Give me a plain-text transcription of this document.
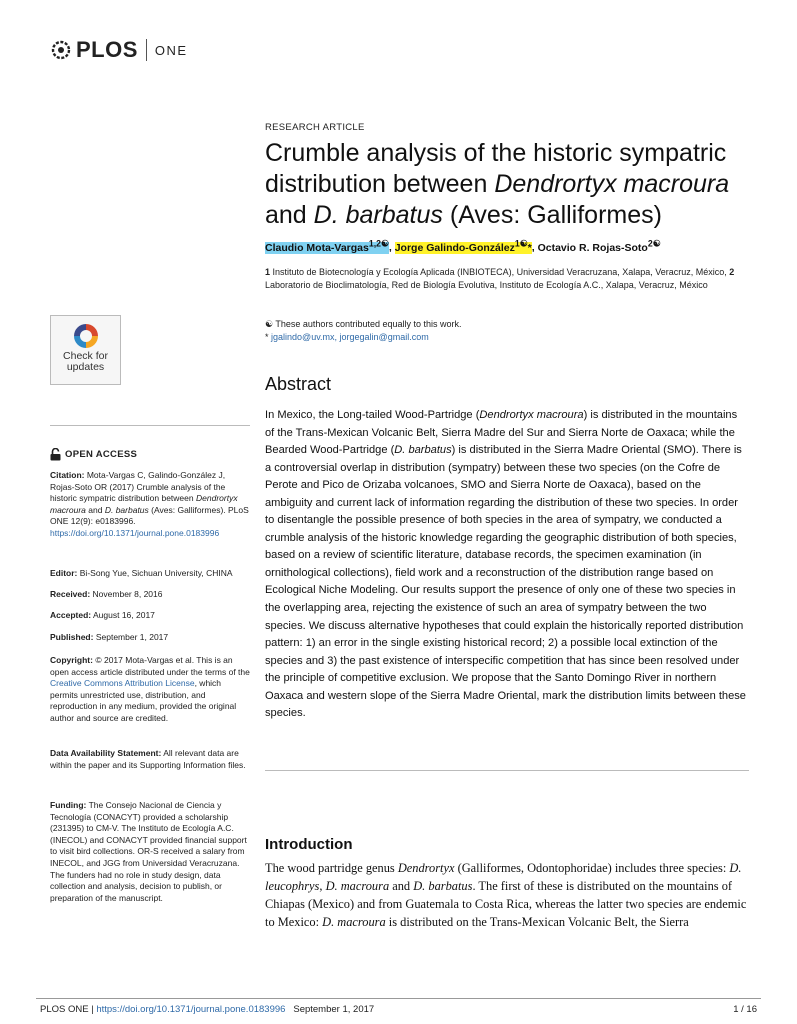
PLOS ONE
Check for
updates
OPEN ACCESS
Citation: Mota-Vargas C, Galindo-González J, Rojas-Soto OR (2017) Crumble analysis of the historic sympatric distribution between Dendrortyx macroura and D. barbatus (Aves: Galliformes). PLoS ONE 12(9): e0183996. https://doi.org/10.1371/journal.pone.0183996
Editor: Bi-Song Yue, Sichuan University, CHINA
Received: November 8, 2016
Accepted: August 16, 2017
Published: September 1, 2017
Copyright: © 2017 Mota-Vargas et al. This is an open access article distributed under the terms of the Creative Commons Attribution License, which permits unrestricted use, distribution, and reproduction in any medium, provided the original author and source are credited.
Data Availability Statement: All relevant data are within the paper and its Supporting Information files.
Funding: The Consejo Nacional de Ciencia y Tecnología (CONACYT) provided a scholarship (231395) to CM-V. The Instituto de Ecología A.C. (INECOL) and CONACYT provided financial support to visit bird collections. OR-S received a salary from INECOL, and JGG from Universidad Veracruzana. The funders had no role in study design, data collection and analysis, decision to publish, or preparation of the manuscript.
RESEARCH ARTICLE
Crumble analysis of the historic sympatric distribution between Dendrortyx macroura and D. barbatus (Aves: Galliformes)
Claudio Mota-Vargas$^{1,2☯}$, Jorge Galindo-González$^{1☯}$*, Octavio R. Rojas-Soto$^{2☯}$
1 Instituto de Biotecnología y Ecología Aplicada (INBIOTECA), Universidad Veracruzana, Xalapa, Veracruz, México, 2 Laboratorio de Bioclimatología, Red de Biología Evolutiva, Instituto de Ecología A.C., Xalapa, Veracruz, México
☯ These authors contributed equally to this work.
* jgalindo@uv.mx, jorgegalin@gmail.com
Abstract
In Mexico, the Long-tailed Wood-Partridge (Dendrortyx macroura) is distributed in the mountains of the Trans-Mexican Volcanic Belt, Sierra Madre del Sur and Sierra Norte de Oaxaca; while the Bearded Wood-Partridge (D. barbatus) is distributed in the Sierra Madre Oriental (SMO). There is a controversial overlap in distribution (sympatry) between these two species (on the Cofre de Perote and Pico de Orizaba volcanoes, SMO and Sierra Norte de Oaxaca), based on the ambiguity and current lack of information regarding the distribution of these two species. In order to disentangle the possible presence of both species in the area of sympatry, we conducted a crumble analysis of the historic knowledge regarding the geographic distribution of both species, based on a review of scientific literature, database records, the specimen examination (in ornithological collections), field work and a reconstruction of the distribution range based on Ecological Niche Modeling. Our results support the presence of only one of these two species in the overlapping area, rejecting the existence of such an area of sympatry between the two species. We discuss alternative hypotheses that could explain the historically reported distribution pattern: 1) an error in the single existing historical record; 2) a possible local extinction of the species and 3) the past existence of interspecific competition that has since been resolved under the principle of competitive exclusion. We propose that the Santo Domingo River in northern Oaxaca and western slope of the Sierra Madre Oriental, mark the distribution limits between these species.
Introduction
The wood partridge genus Dendrortyx (Galliformes, Odontophoridae) includes three species: D. leucophrys, D. macroura and D. barbatus. The first of these is distributed on the mountains of Chiapas (Mexico) and from Guatemala to Costa Rica, whereas the latter two species are endemic to Mexico: D. macroura is distributed on the Trans-Mexican Volcanic Belt, the Sierra
PLOS ONE | https://doi.org/10.1371/journal.pone.0183996 September 1, 2017	1 / 16
